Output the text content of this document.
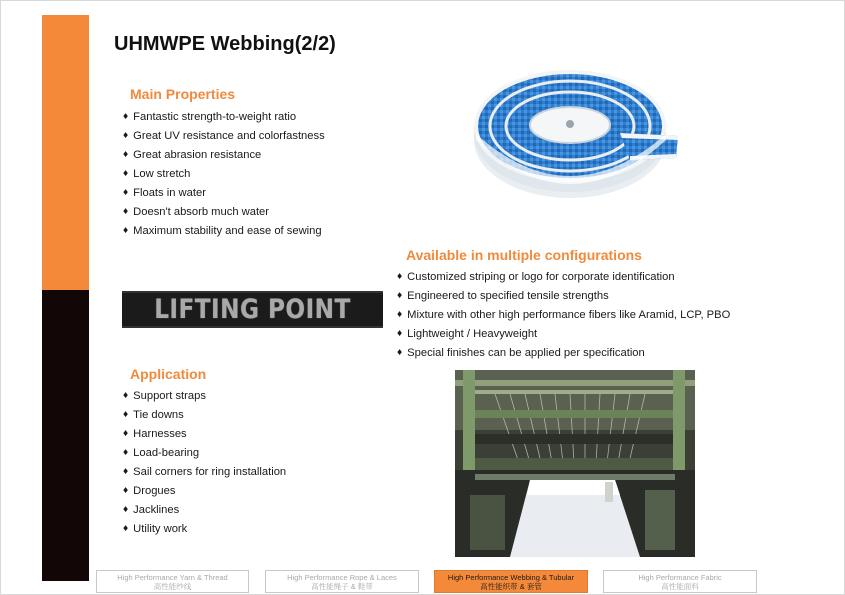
UHMWPE Webbing(2/2)
Main Properties
♦ Fantastic strength-to-weight ratio
♦ Great UV resistance and colorfastness
♦ Great abrasion resistance
♦ Low stretch
♦ Floats in water
♦ Doesn't absorb much water
♦ Maximum stability and ease of sewing
LIFTING POINT
Available in multiple configurations
♦ Customized striping or logo for corporate identification
♦ Engineered to specified tensile strengths
♦ Mixture with other high performance fibers like Aramid, LCP, PBO
♦ Lightweight / Heavyweight
♦ Special finishes can be applied per specification
Application
♦ Support straps
♦ Tie downs
♦ Harnesses
♦ Load-bearing
♦ Sail corners for ring installation
♦ Drogues
♦ Jacklines
♦ Utility work
High Performance Yarn & Thread
高性能纱线
High Performance Rope & Laces
高性能绳子 & 鞋带
High Performance Webbing & Tubular
高性能织带 & 套管
High Performance Fabric
高性能面料
